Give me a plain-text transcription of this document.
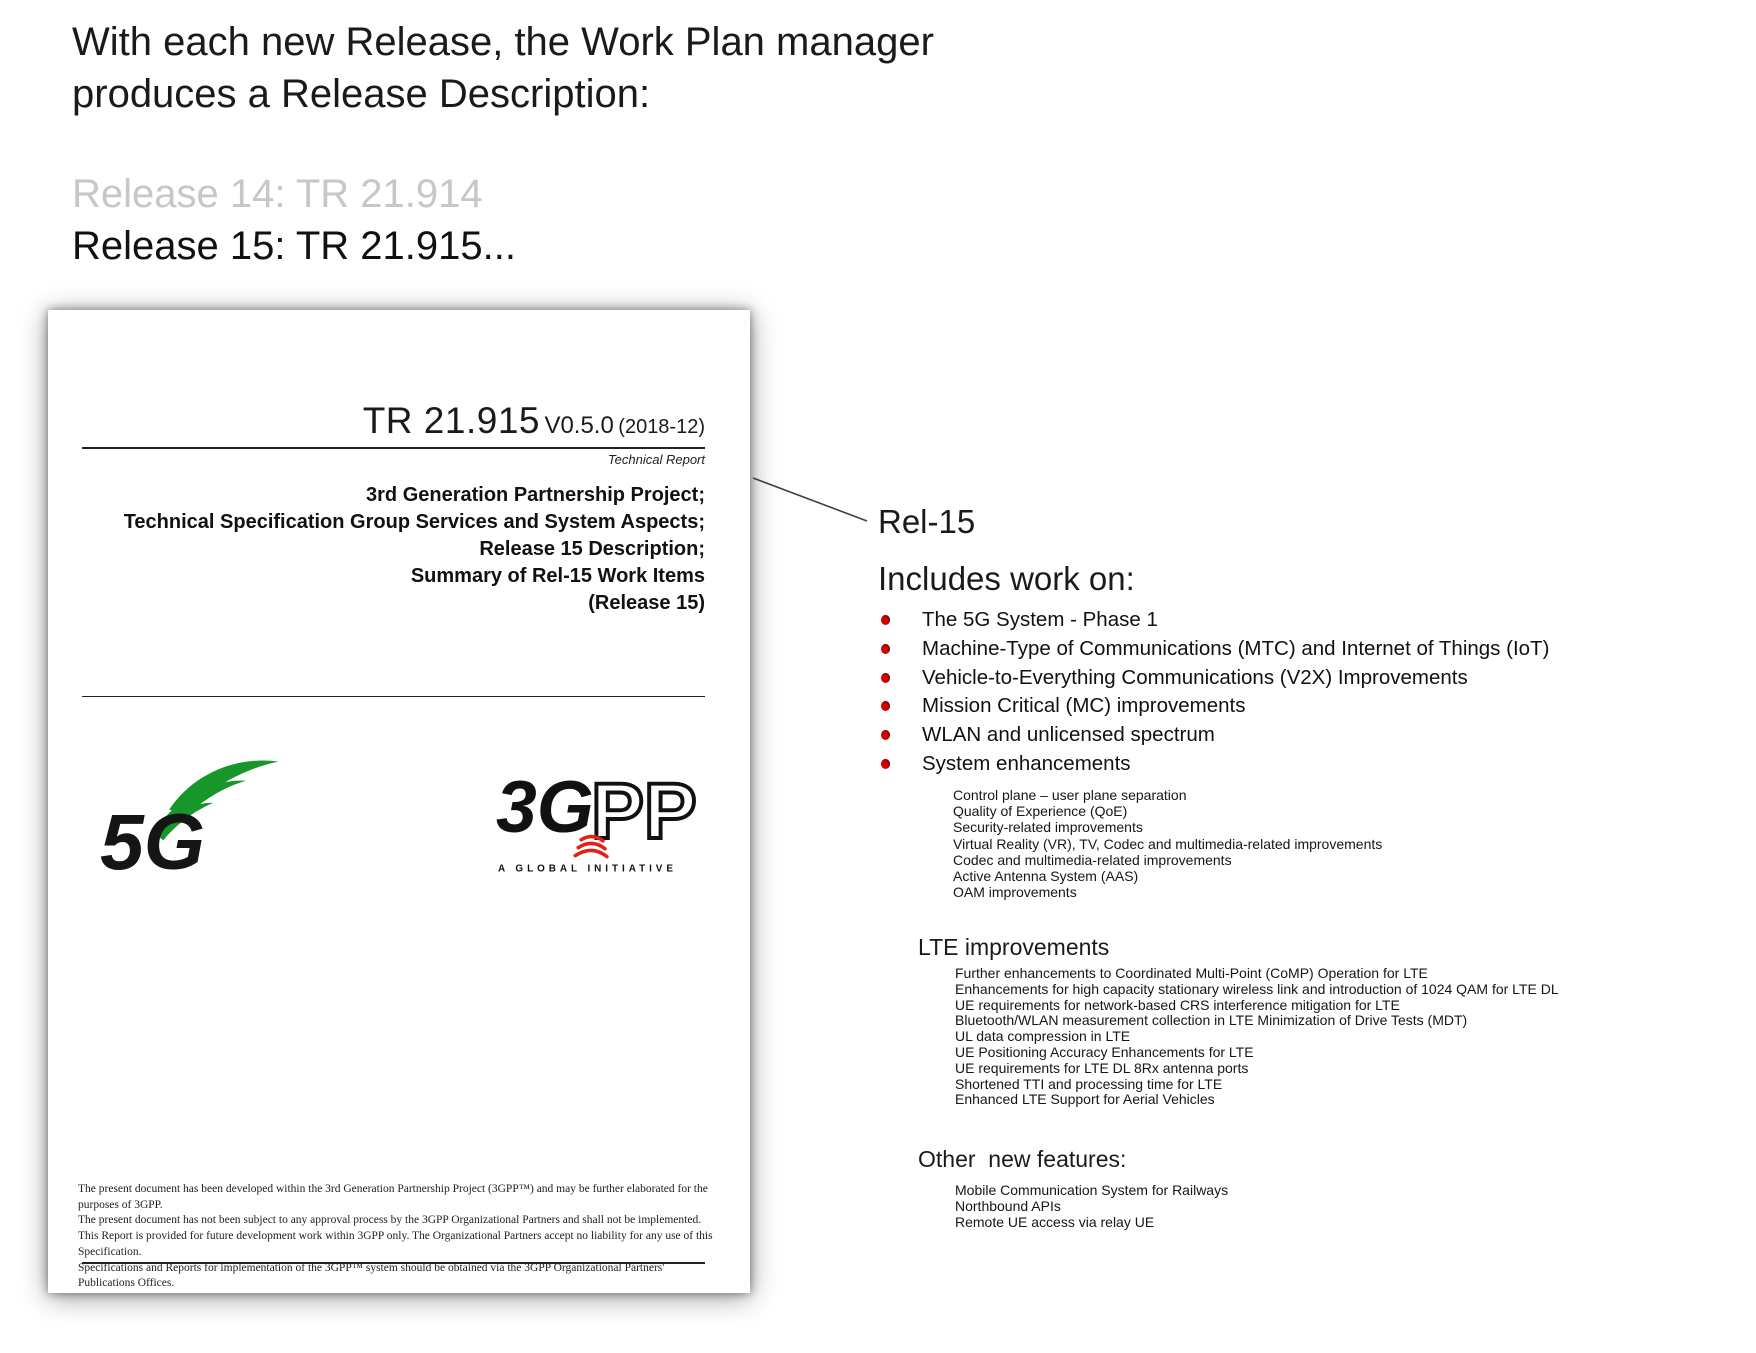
With each new Release, the Work Plan manager
produces a Release Description:
Release 14: TR 21.914
Release 15: TR 21.915...
TR 21.915 V0.5.0 (2018-12)
Technical Report
3rd Generation Partnership Project;
Technical Specification Group Services and System Aspects;
Release 15 Description;
Summary of Rel-15 Work Items
(Release 15)
5G	3G
PP
A GLOBAL INITIATIVE
The present document has been developed within the 3rd Generation Partnership Project (3GPP™) and may be further elaborated for the purposes of 3GPP.
The present document has not been subject to any approval process by the 3GPP Organizational Partners and shall not be implemented.
This Report is provided for future development work within 3GPP only. The Organizational Partners accept no liability for any use of this Specification.
Specifications and Reports for implementation of the 3GPP™ system should be obtained via the 3GPP Organizational Partners' Publications Offices.
Rel-15
Includes work on:
The 5G System - Phase 1
Machine-Type of Communications (MTC) and Internet of Things (IoT)
Vehicle-to-Everything Communications (V2X) Improvements
Mission Critical (MC) improvements
WLAN and unlicensed spectrum
System enhancements
Control plane – user plane separation
Quality of Experience (QoE)
Security-related improvements
Virtual Reality (VR), TV, Codec and multimedia-related improvements
Codec and multimedia-related improvements
Active Antenna System (AAS)
OAM improvements
LTE improvements
Further enhancements to Coordinated Multi-Point (CoMP) Operation for LTE
Enhancements for high capacity stationary wireless link and introduction of 1024 QAM for LTE DL
UE requirements for network-based CRS interference mitigation for LTE
Bluetooth/WLAN measurement collection in LTE Minimization of Drive Tests (MDT)
UL data compression in LTE
UE Positioning Accuracy Enhancements for LTE
UE requirements for LTE DL 8Rx antenna ports
Shortened TTI and processing time for LTE
Enhanced LTE Support for Aerial Vehicles
Other  new features:
Mobile Communication System for Railways
Northbound APIs
Remote UE access via relay UE
